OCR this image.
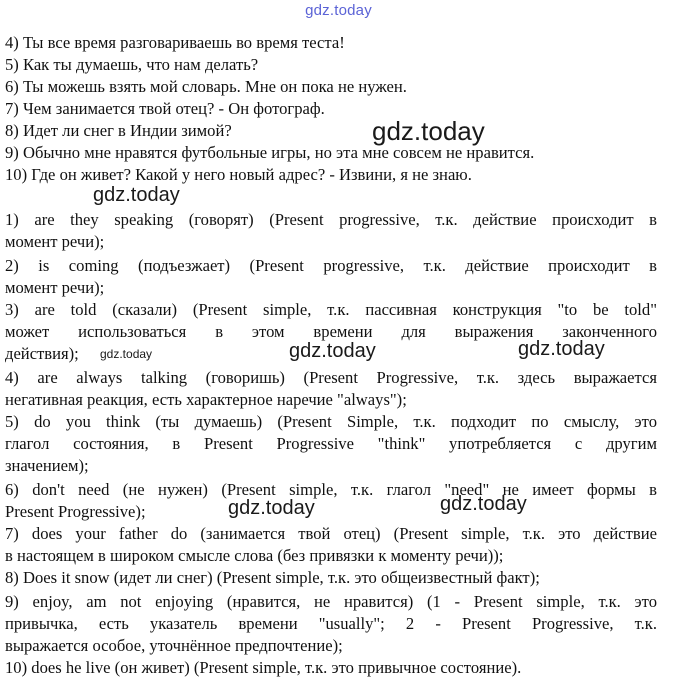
gdz.today
4) Ты все время разговариваешь во время теста!
5) Как ты думаешь, что нам делать?
6) Ты можешь взять мой словарь. Мне он пока не нужен.
7) Чем занимается твой отец? - Он фотограф.
8) Идет ли снег в Индии зимой?
9) Обычно мне нравятся футбольные игры, но эта мне совсем не нравится.
10) Где он живет? Какой у него новый адрес? - Извини, я не знаю.
1) are they speaking (говорят) (Present progressive, т.к. действие происходит в
момент речи);
2) is coming (подъезжает) (Present progressive, т.к. действие происходит в
момент речи);
3) are told (сказали) (Present simple, т.к. пассивная конструкция "to be told"
может использоваться в этом времени для выражения законченного
действия);
4) are always talking (говоришь) (Present Progressive, т.к. здесь выражается
негативная реакция, есть характерное наречие "always");
5) do you think (ты думаешь) (Present Simple, т.к. подходит по смыслу, это
глагол состояния, в Present Progressive "think" употребляется с другим
значением);
6) don't need (не нужен) (Present simple, т.к. глагол "need" не имеет формы в
Present Progressive);
7) does your father do (занимается твой отец) (Present simple, т.к. это действие
в настоящем в широком смысле слова (без привязки к моменту речи));
8) Does it snow (идет ли снег) (Present simple, т.к. это общеизвестный факт);
9) enjoy, am not enjoying (нравится, не нравится) (1 - Present simple, т.к. это
привычка, есть указатель времени "usually"; 2 - Present Progressive, т.к.
выражается особое, уточнённое предпочтение);
10) does he live (он живет) (Present simple, т.к. это привычное состояние).
gdz.today
gdz.today
gdz.today	gdz.today	gdz.today
gdz.today	gdz.today
